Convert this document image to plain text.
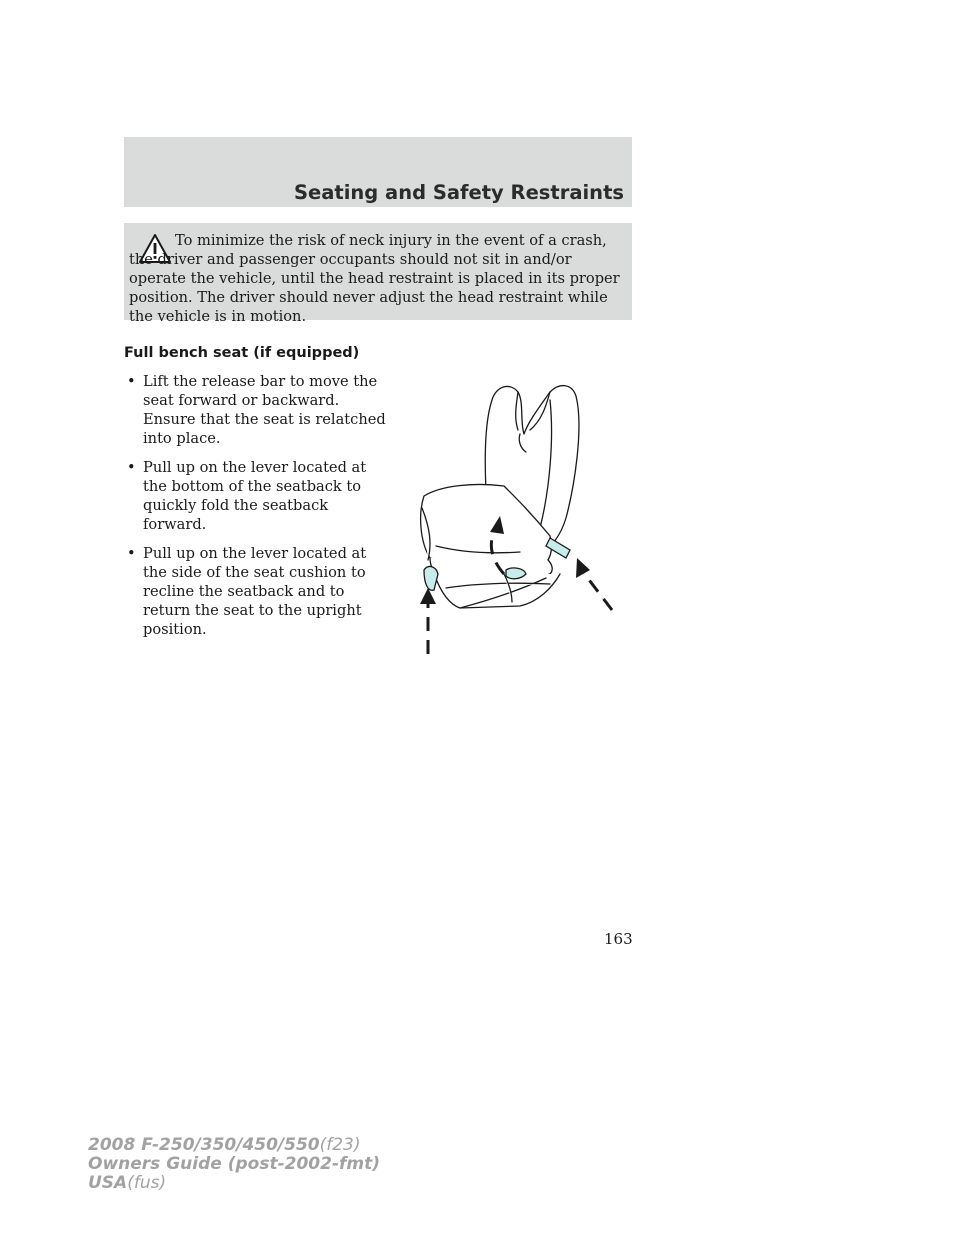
Seating and Safety Restraints

To minimize the risk of neck injury in the event of a crash, the driver and passenger occupants should not sit in and/or operate the vehicle, until the head restraint is placed in its proper position. The driver should never adjust the head restraint while the vehicle is in motion.

Full bench seat (if equipped)
• Lift the release bar to move the seat forward or backward. Ensure that the seat is relatched into place.
• Pull up on the lever located at the bottom of the seatback to quickly fold the seatback forward.
• Pull up on the lever located at the side of the seat cushion to recline the seatback and to return the seat to the upright position.
163
2008 F-250/350/450/550(f23)
Owners Guide (post-2002-fmt)
USA(fus)
